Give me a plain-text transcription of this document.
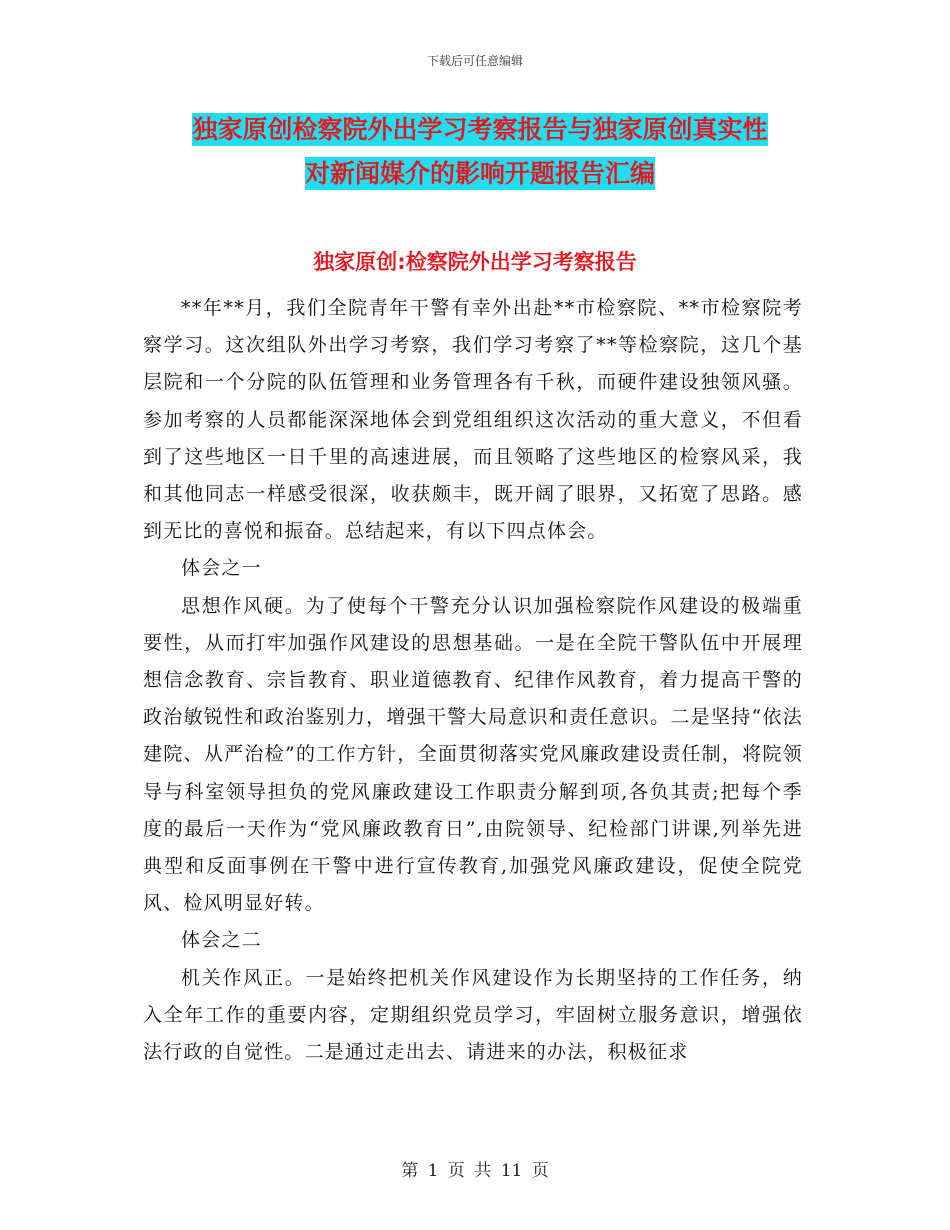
下载后可任意编辑
独家原创检察院外出学习考察报告与独家原创真实性
对新闻媒介的影响开题报告汇编
独家原创:检察院外出学习考察报告

**年**月，我们全院青年干警有幸外出赴**市检察院、**市检察院考察学习。这次组队外出学习考察，我们学习考察了**等检察院，这几个基层院和一个分院的队伍管理和业务管理各有千秋，而硬件建设独领风骚。参加考察的人员都能深深地体会到党组组织这次活动的重大意义，不但看到了这些地区一日千里的高速进展，而且领略了这些地区的检察风采，我和其他同志一样感受很深，收获颇丰，既开阔了眼界，又拓宽了思路。感到无比的喜悦和振奋。总结起来，有以下四点体会。

体会之一

思想作风硬。为了使每个干警充分认识加强检察院作风建设的极端重要性，从而打牢加强作风建设的思想基础。一是在全院干警队伍中开展理想信念教育、宗旨教育、职业道德教育、纪律作风教育，着力提高干警的政治敏锐性和政治鉴别力，增强干警大局意识和责任意识。二是坚持“依法建院、从严治检”的工作方针，全面贯彻落实党风廉政建设责任制，将院领导与科室领导担负的党风廉政建设工作职责分解到项,各负其责;把每个季度的最后一天作为“党风廉政教育日”,由院领导、纪检部门讲课,列举先进典型和反面事例在干警中进行宣传教育,加强党风廉政建设，促使全院党风、检风明显好转。

体会之二

机关作风正。一是始终把机关作风建设作为长期坚持的工作任务，纳入全年工作的重要内容，定期组织党员学习，牢固树立服务意识，增强依法行政的自觉性。二是通过走出去、请进来的办法，积极征求

第 1 页 共 11 页
